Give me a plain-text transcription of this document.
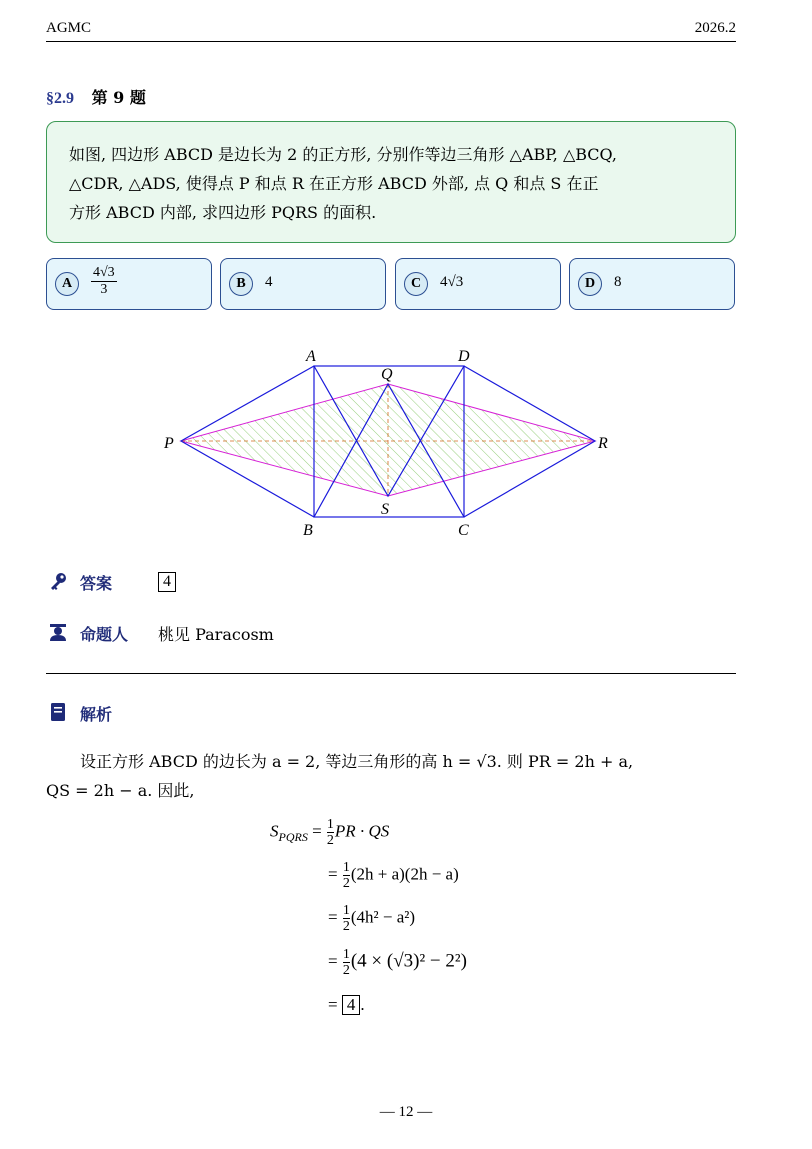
AGMC	2026.2
§2.9 第 9 题
如图, 四边形 ABCD 是边长为 2 的正方形, 分别作等边三角形 △ABP, △BCQ,
△CDR, △ADS, 使得点 P 和点 R 在正方形 ABCD 外部, 点 Q 和点 S 在正
方形 ABCD 内部, 求四边形 PQRS 的面积.
A	$\frac{4√3}{3}$	B	4	C	4√3	D	8
A	D
B	C
P	R
Q
S
答案	4
命题人 桃见 Paracosm
解析
设正方形 ABCD 的边长为 a = 2, 等边三角形的高 h = √3. 则 PR = 2h + a,
QS = 2h − a. 因此,
$S_{PQRS} = \frac{1}{2}$ PR · QS
= $\frac{1}{2} (2h + a)(2h - a)$
= $\frac{1}{2} (4h^2 - a^2)$
= $\frac{1}{2} (4 \times (√3)^2 - 2^2)$
= 4 .
— 12 —
